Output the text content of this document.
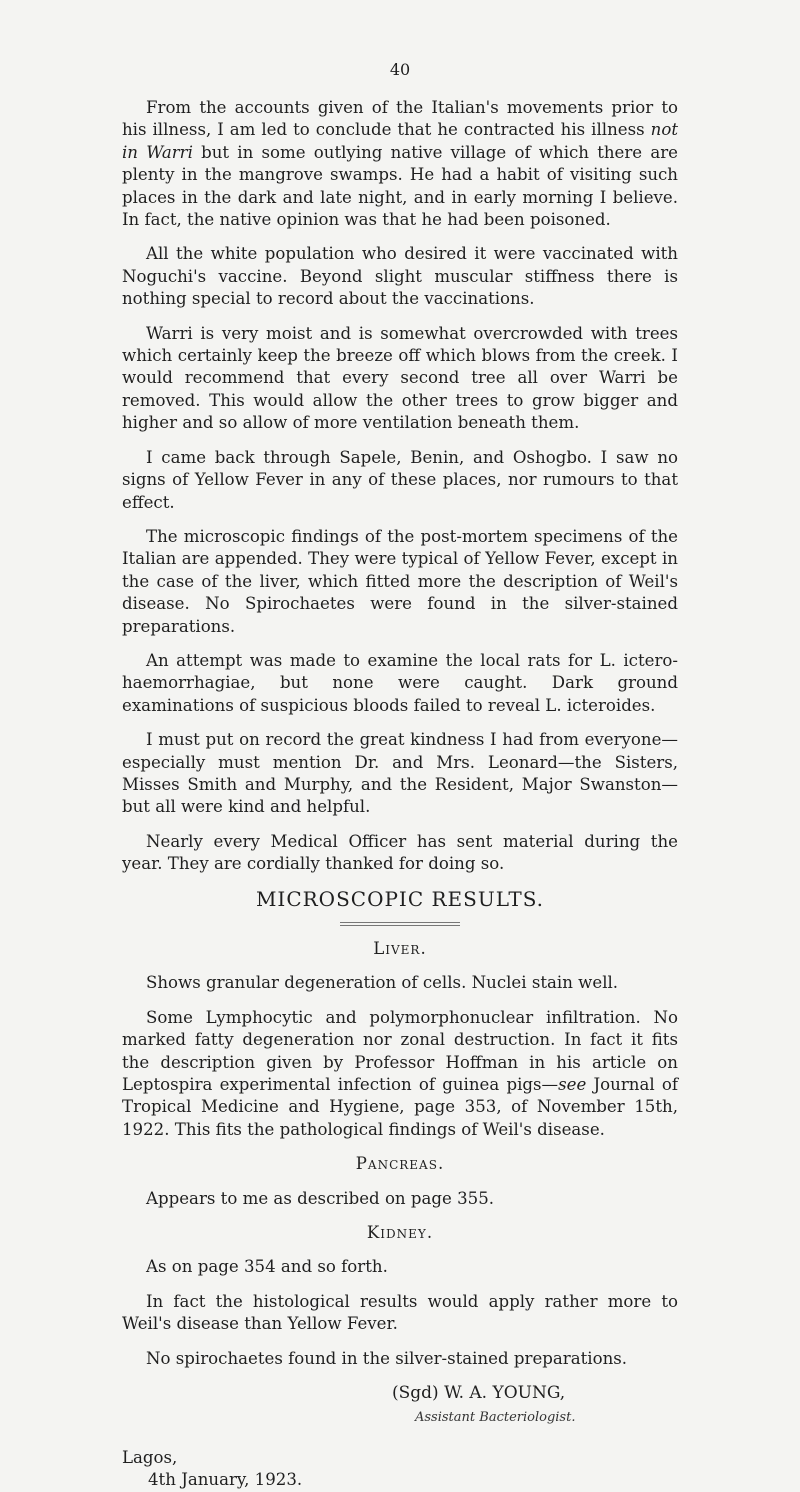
40

From the accounts given of the Italian's movements prior to his illness, I am led to conclude that he contracted his illness not in Warri but in some outlying native village of which there are plenty in the mangrove swamps. He had a habit of visiting such places in the dark and late night, and in early morning I believe. In fact, the native opinion was that he had been poisoned.

All the white population who desired it were vaccinated with Noguchi's vaccine. Beyond slight muscular stiffness there is nothing special to record about the vaccinations.

Warri is very moist and is somewhat overcrowded with trees which certainly keep the breeze off which blows from the creek. I would recommend that every second tree all over Warri be removed. This would allow the other trees to grow bigger and higher and so allow of more ventilation beneath them.

I came back through Sapele, Benin, and Oshogbo. I saw no signs of Yellow Fever in any of these places, nor rumours to that effect.

The microscopic findings of the post-mortem specimens of the Italian are appended. They were typical of Yellow Fever, except in the case of the liver, which fitted more the description of Weil's disease. No Spirochaetes were found in the silver-stained preparations.

An attempt was made to examine the local rats for L. ictero-haemorrhagiae, but none were caught. Dark ground examinations of suspicious bloods failed to reveal L. icteroides.

I must put on record the great kindness I had from everyone—especially must mention Dr. and Mrs. Leonard—the Sisters, Misses Smith and Murphy, and the Resident, Major Swanston—but all were kind and helpful.

Nearly every Medical Officer has sent material during the year. They are cordially thanked for doing so.

MICROSCOPIC RESULTS.

Liver.

Shows granular degeneration of cells. Nuclei stain well.

Some Lymphocytic and polymorphonuclear infiltration. No marked fatty degeneration nor zonal destruction. In fact it fits the description given by Professor Hoffman in his article on Leptospira experimental infection of guinea pigs—see Journal of Tropical Medicine and Hygiene, page 353, of November 15th, 1922. This fits the pathological findings of Weil's disease.

Pancreas.

Appears to me as described on page 355.

Kidney.

As on page 354 and so forth.

In fact the histological results would apply rather more to Weil's disease than Yellow Fever.

No spirochaetes found in the silver-stained preparations.

(Sgd) W. A. YOUNG,
Assistant Bacteriologist.
Lagos,
4th January, 1923.
